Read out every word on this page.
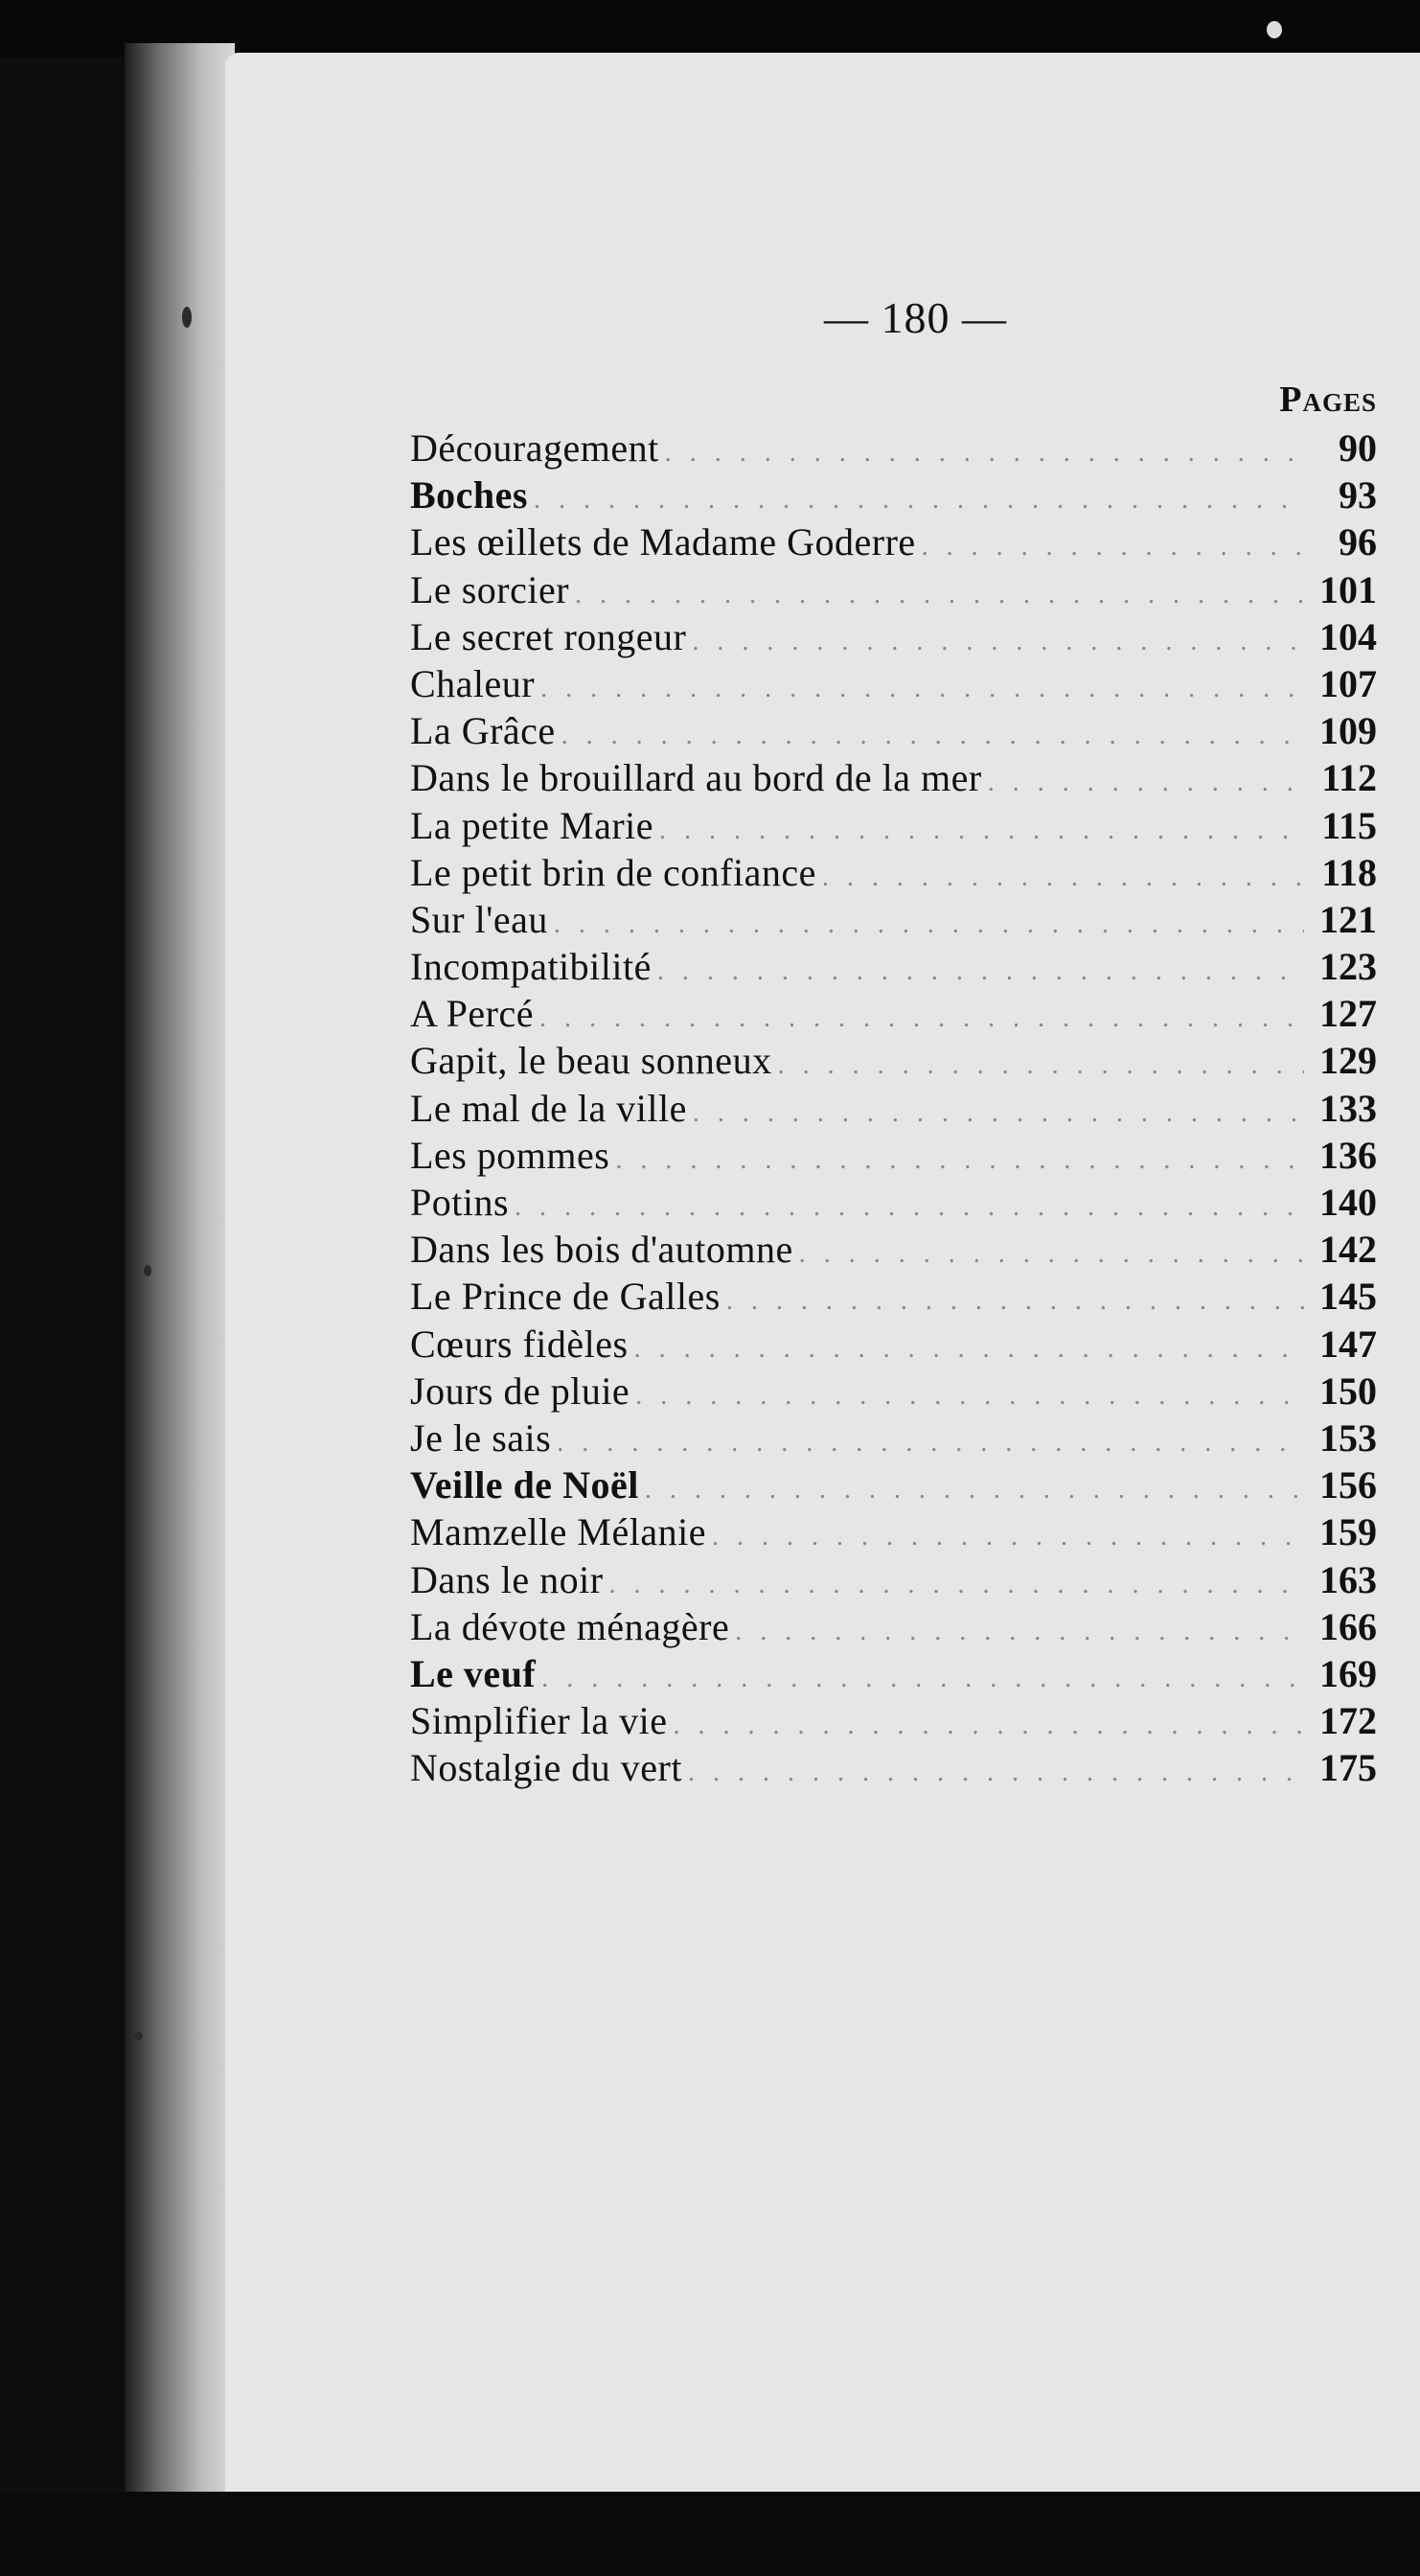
— 180 —
Pages
Découragement . . .	90
Boches . . .	93
Les œillets de Madame Goderre . . .	96
Le sorcier . . .	101
Le secret rongeur . . .	104
Chaleur . . .	107
La Grâce . . .	109
Dans le brouillard au bord de la mer . . .	112
La petite Marie . . .	115
Le petit brin de confiance . . .	118
Sur l'eau . . .	121
Incompatibilité . . .	123
A Percé . . .	127
Gapit, le beau sonneux . . .	129
Le mal de la ville . . .	133
Les pommes . . .	136
Potins . . .	140
Dans les bois d'automne . . .	142
Le Prince de Galles . . .	145
Cœurs fidèles . . .	147
Jours de pluie . . .	150
Je le sais . . .	153
Veille de Noël . . .	156
Mamzelle Mélanie . . .	159
Dans le noir . . .	163
La dévote ménagère . . .	166
Le veuf . . .	169
Simplifier la vie . . .	172
Nostalgie du vert . . .	175
